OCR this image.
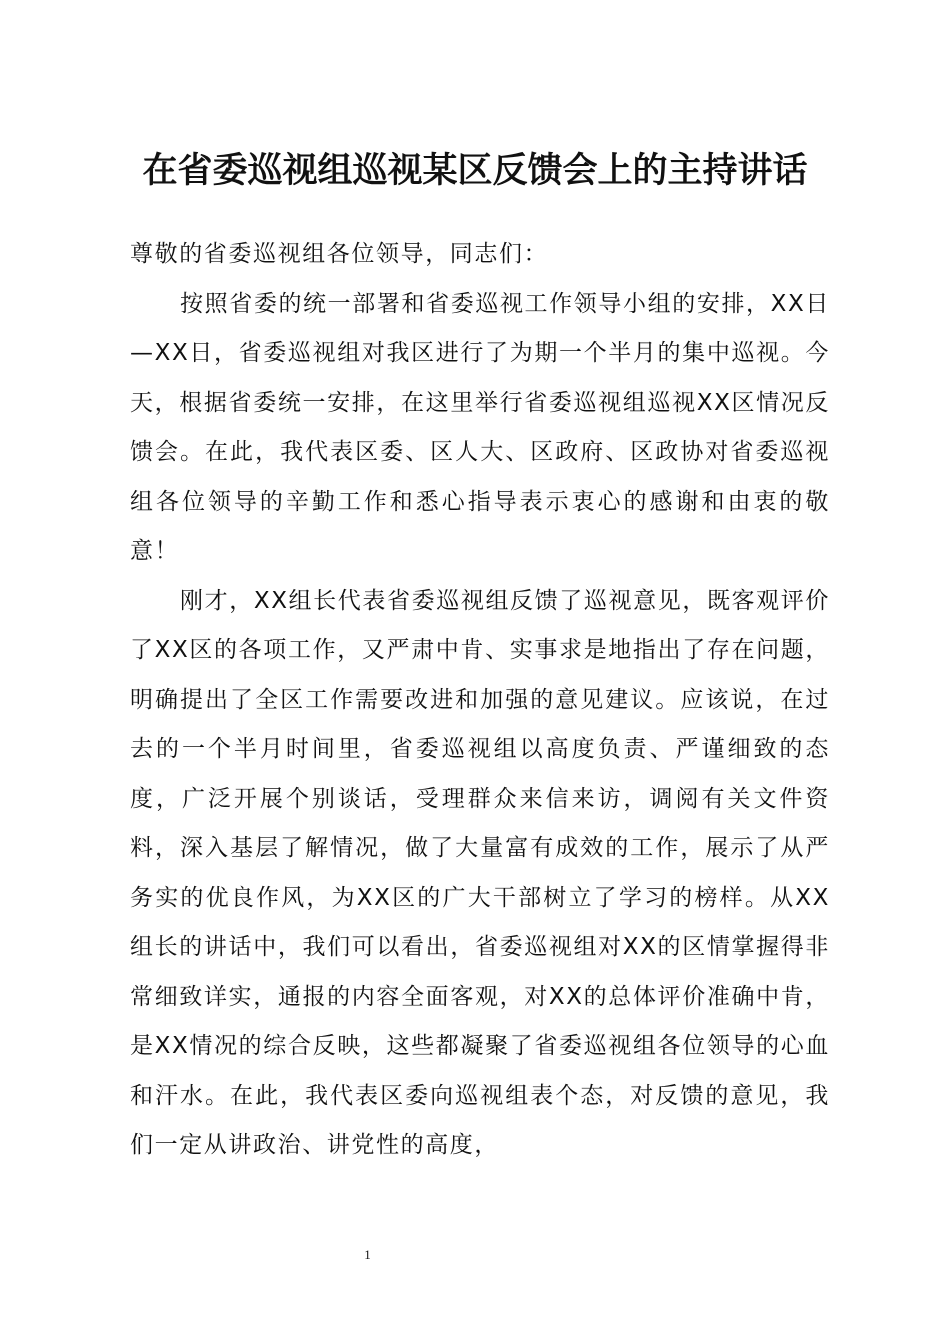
在省委巡视组巡视某区反馈会上的主持讲话

尊敬的省委巡视组各位领导，同志们：

按照省委的统一部署和省委巡视工作领导小组的安排，XX日—XX日，省委巡视组对我区进行了为期一个半月的集中巡视。今天，根据省委统一安排，在这里举行省委巡视组巡视XX区情况反馈会。在此，我代表区委、区人大、区政府、区政协对省委巡视组各位领导的辛勤工作和悉心指导表示衷心的感谢和由衷的敬意！

刚才，XX组长代表省委巡视组反馈了巡视意见，既客观评价了XX区的各项工作，又严肃中肯、实事求是地指出了存在问题，明确提出了全区工作需要改进和加强的意见建议。应该说，在过去的一个半月时间里，省委巡视组以高度负责、严谨细致的态度，广泛开展个别谈话，受理群众来信来访，调阅有关文件资料，深入基层了解情况，做了大量富有成效的工作，展示了从严务实的优良作风，为XX区的广大干部树立了学习的榜样。从XX组长的讲话中，我们可以看出，省委巡视组对XX的区情掌握得非常细致详实，通报的内容全面客观，对XX的总体评价准确中肯，是XX情况的综合反映，这些都凝聚了省委巡视组各位领导的心血和汗水。在此，我代表区委向巡视组表个态，对反馈的意见，我们一定从讲政治、讲党性的高度，

1
